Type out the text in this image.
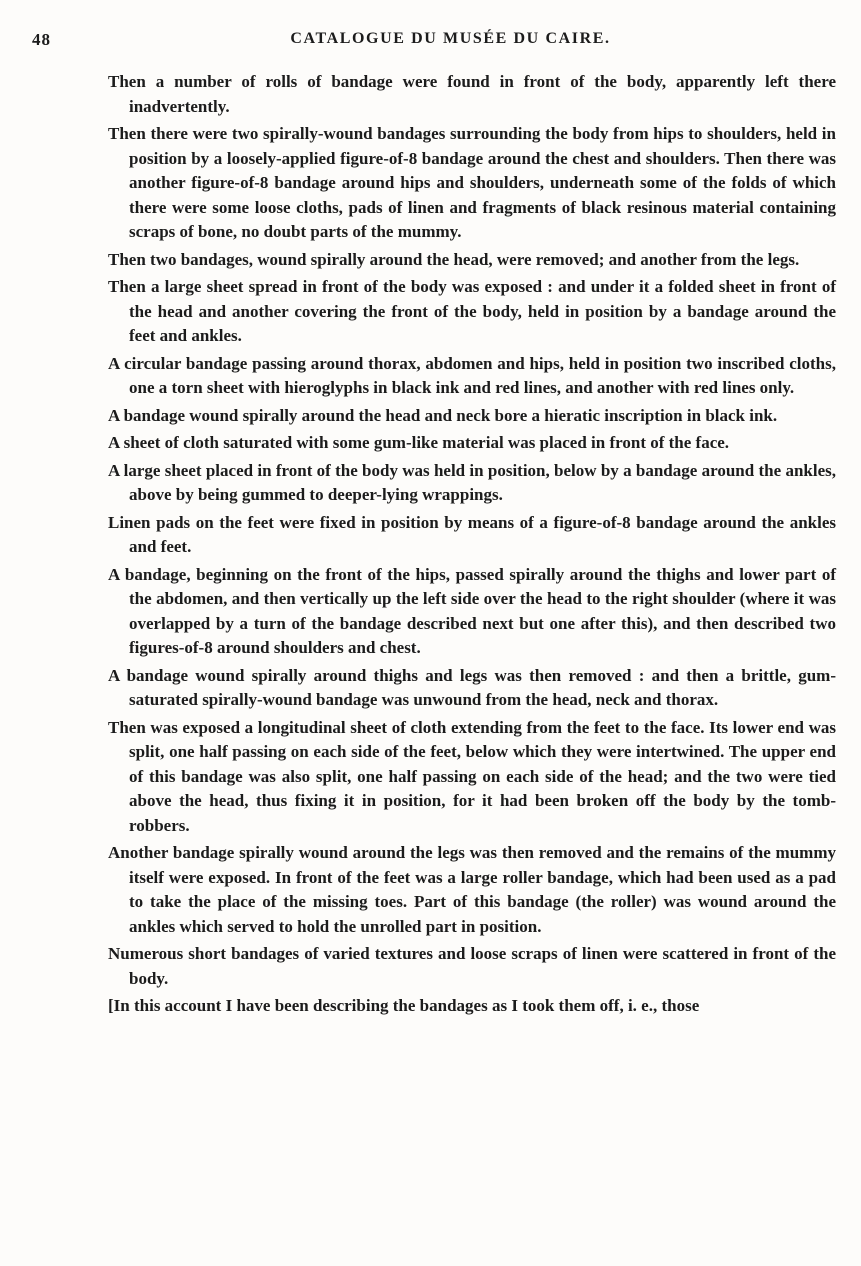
48	CATALOGUE DU MUSÉE DU CAIRE.

Then a number of rolls of bandage were found in front of the body, apparently left there inadvertently.

Then there were two spirally-wound bandages surrounding the body from hips to shoulders, held in position by a loosely-applied figure-of-8 bandage around the chest and shoulders. Then there was another figure-of-8 bandage around hips and shoulders, underneath some of the folds of which there were some loose cloths, pads of linen and fragments of black resinous material containing scraps of bone, no doubt parts of the mummy.

Then two bandages, wound spirally around the head, were removed; and another from the legs.

Then a large sheet spread in front of the body was exposed : and under it a folded sheet in front of the head and another covering the front of the body, held in position by a bandage around the feet and ankles.

A circular bandage passing around thorax, abdomen and hips, held in position two inscribed cloths, one a torn sheet with hieroglyphs in black ink and red lines, and another with red lines only.

A bandage wound spirally around the head and neck bore a hieratic inscription in black ink.

A sheet of cloth saturated with some gum-like material was placed in front of the face.

A large sheet placed in front of the body was held in position, below by a bandage around the ankles, above by being gummed to deeper-lying wrappings.

Linen pads on the feet were fixed in position by means of a figure-of-8 bandage around the ankles and feet.

A bandage, beginning on the front of the hips, passed spirally around the thighs and lower part of the abdomen, and then vertically up the left side over the head to the right shoulder (where it was overlapped by a turn of the bandage described next but one after this), and then described two figures-of-8 around shoulders and chest.

A bandage wound spirally around thighs and legs was then removed : and then a brittle, gum-saturated spirally-wound bandage was unwound from the head, neck and thorax.

Then was exposed a longitudinal sheet of cloth extending from the feet to the face. Its lower end was split, one half passing on each side of the feet, below which they were intertwined. The upper end of this bandage was also split, one half passing on each side of the head; and the two were tied above the head, thus fixing it in position, for it had been broken off the body by the tomb-robbers.

Another bandage spirally wound around the legs was then removed and the remains of the mummy itself were exposed. In front of the feet was a large roller bandage, which had been used as a pad to take the place of the missing toes. Part of this bandage (the roller) was wound around the ankles which served to hold the unrolled part in position.

Numerous short bandages of varied textures and loose scraps of linen were scattered in front of the body.

[In this account I have been describing the bandages as I took them off, i. e., those
